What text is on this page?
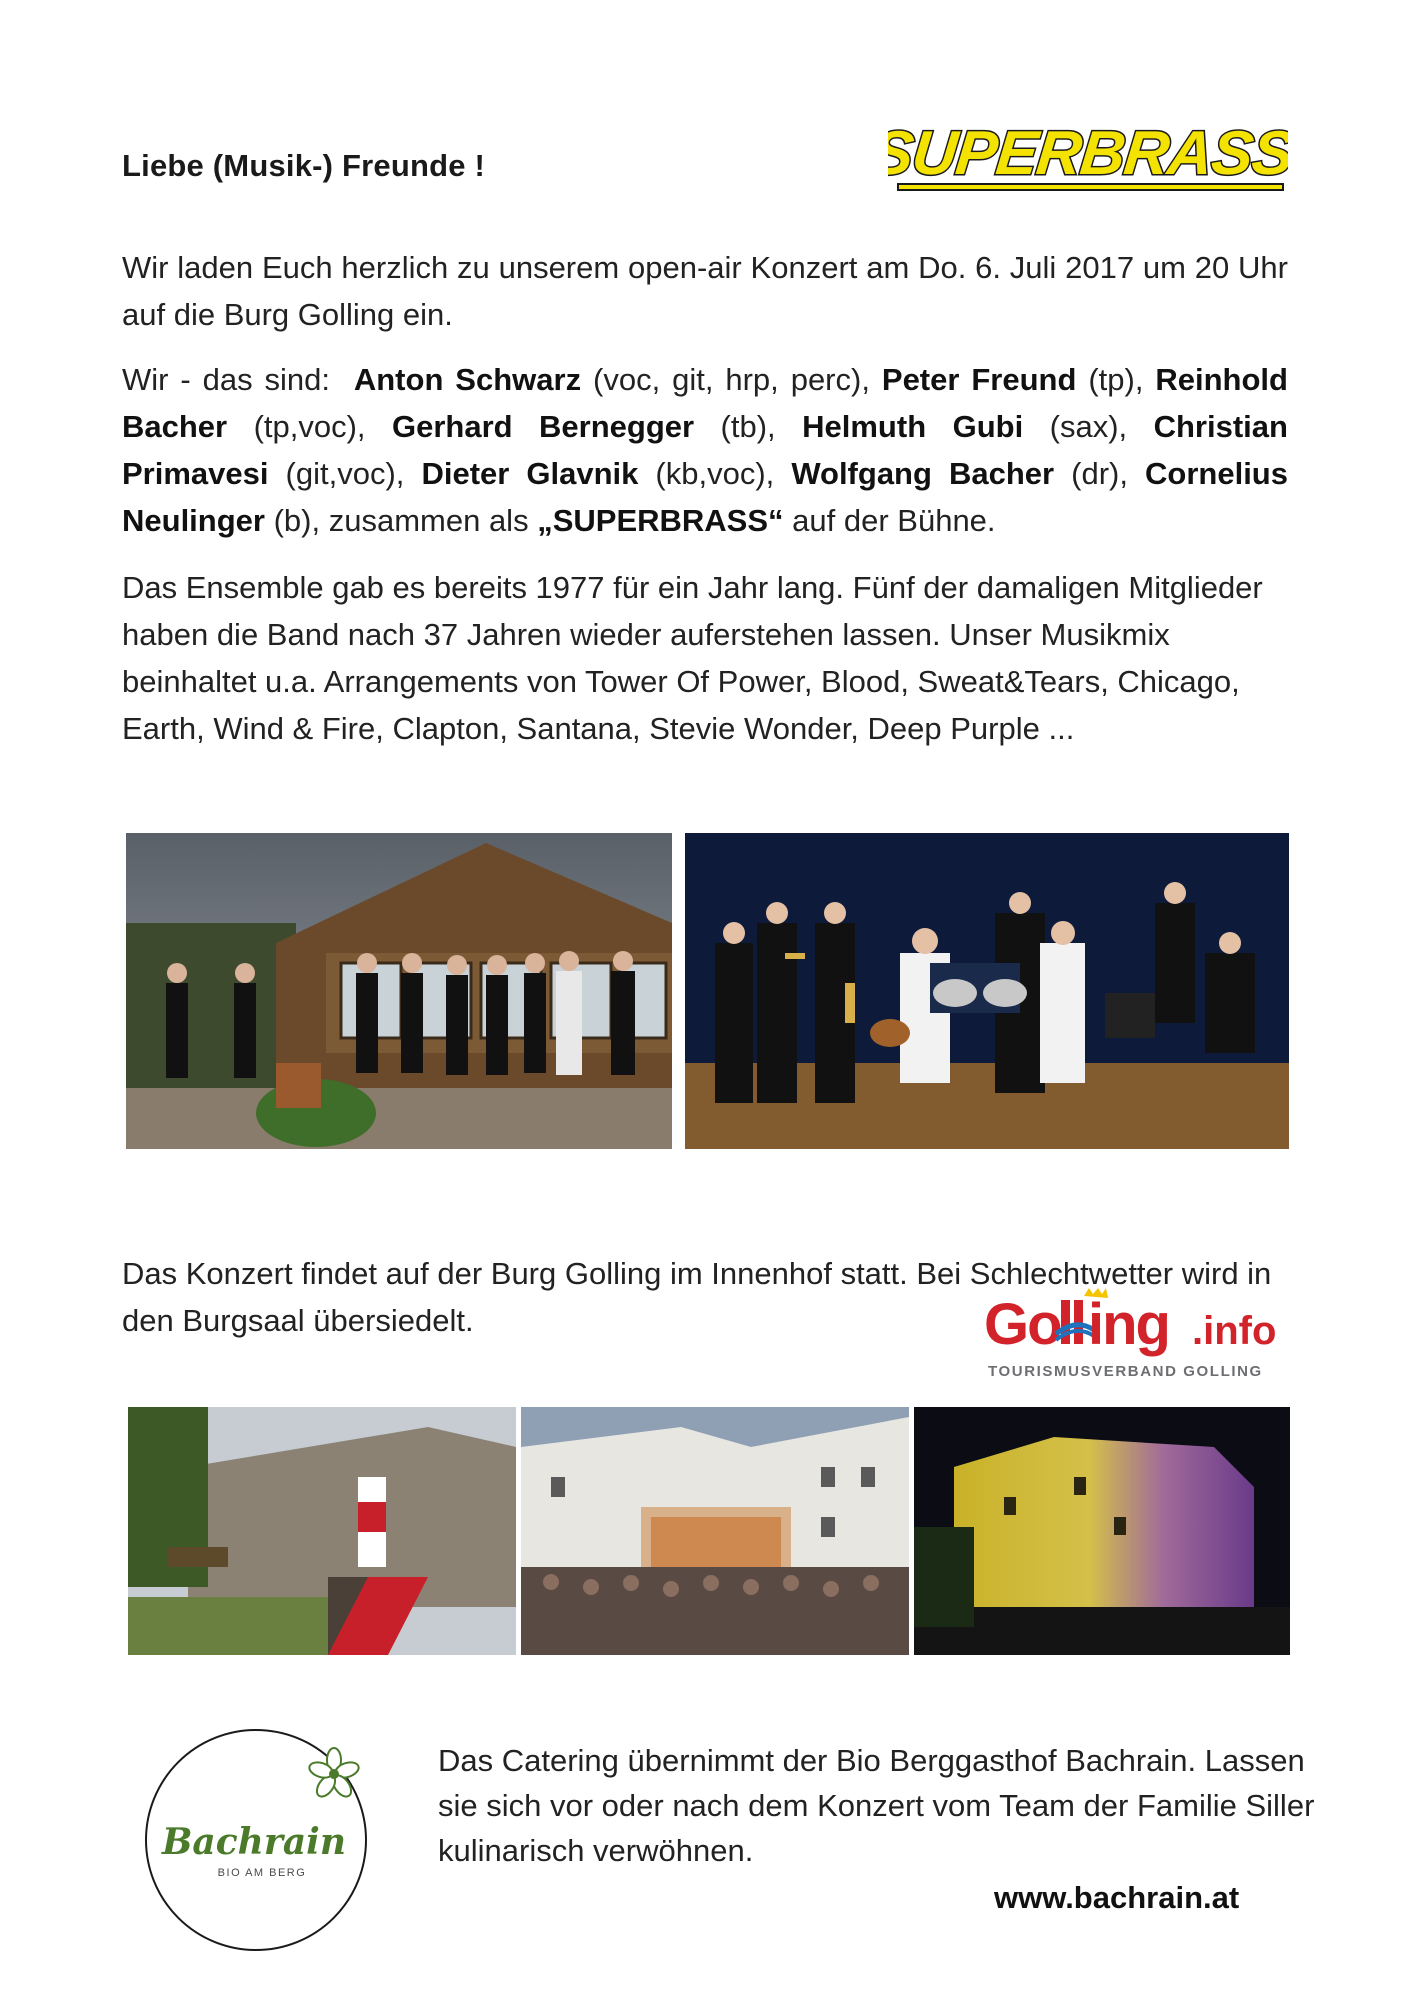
Liebe (Musik-) Freunde !	SUPERBRASS
Wir laden Euch herzlich zu unserem open-air Konzert am Do. 6. Juli 2017 um 20 Uhr auf die Burg Golling ein.
Wir - das sind: Anton Schwarz (voc, git, hrp, perc), Peter Freund (tp), Reinhold Bacher (tp,voc), Gerhard Bernegger (tb), Helmuth Gubi (sax), Christian Primavesi (git,voc), Dieter Glavnik (kb,voc), Wolfgang Bacher (dr), Cornelius Neulinger (b), zusammen als „SUPERBRASS“ auf der Bühne.
Das Ensemble gab es bereits 1977 für ein Jahr lang. Fünf der damaligen Mitglieder haben die Band nach 37 Jahren wieder auferstehen lassen. Unser Musikmix beinhaltet u.a. Arrangements von Tower Of Power, Blood, Sweat&Tears, Chicago, Earth, Wind & Fire, Clapton, Santana, Stevie Wonder, Deep Purple ...
Das Konzert findet auf der Burg Golling im Innenhof statt. Bei Schlechtwetter wird in den Burgsaal übersiedelt.	Go ing .info
TOURISMUSVERBAND GOLLING
Bachrain
BIO AM BERG
Das Catering übernimmt der Bio Berggasthof Bachrain. Lassen sie sich vor oder nach dem Konzert vom Team der Familie Siller kulinarisch verwöhnen.
www.bachrain.at
